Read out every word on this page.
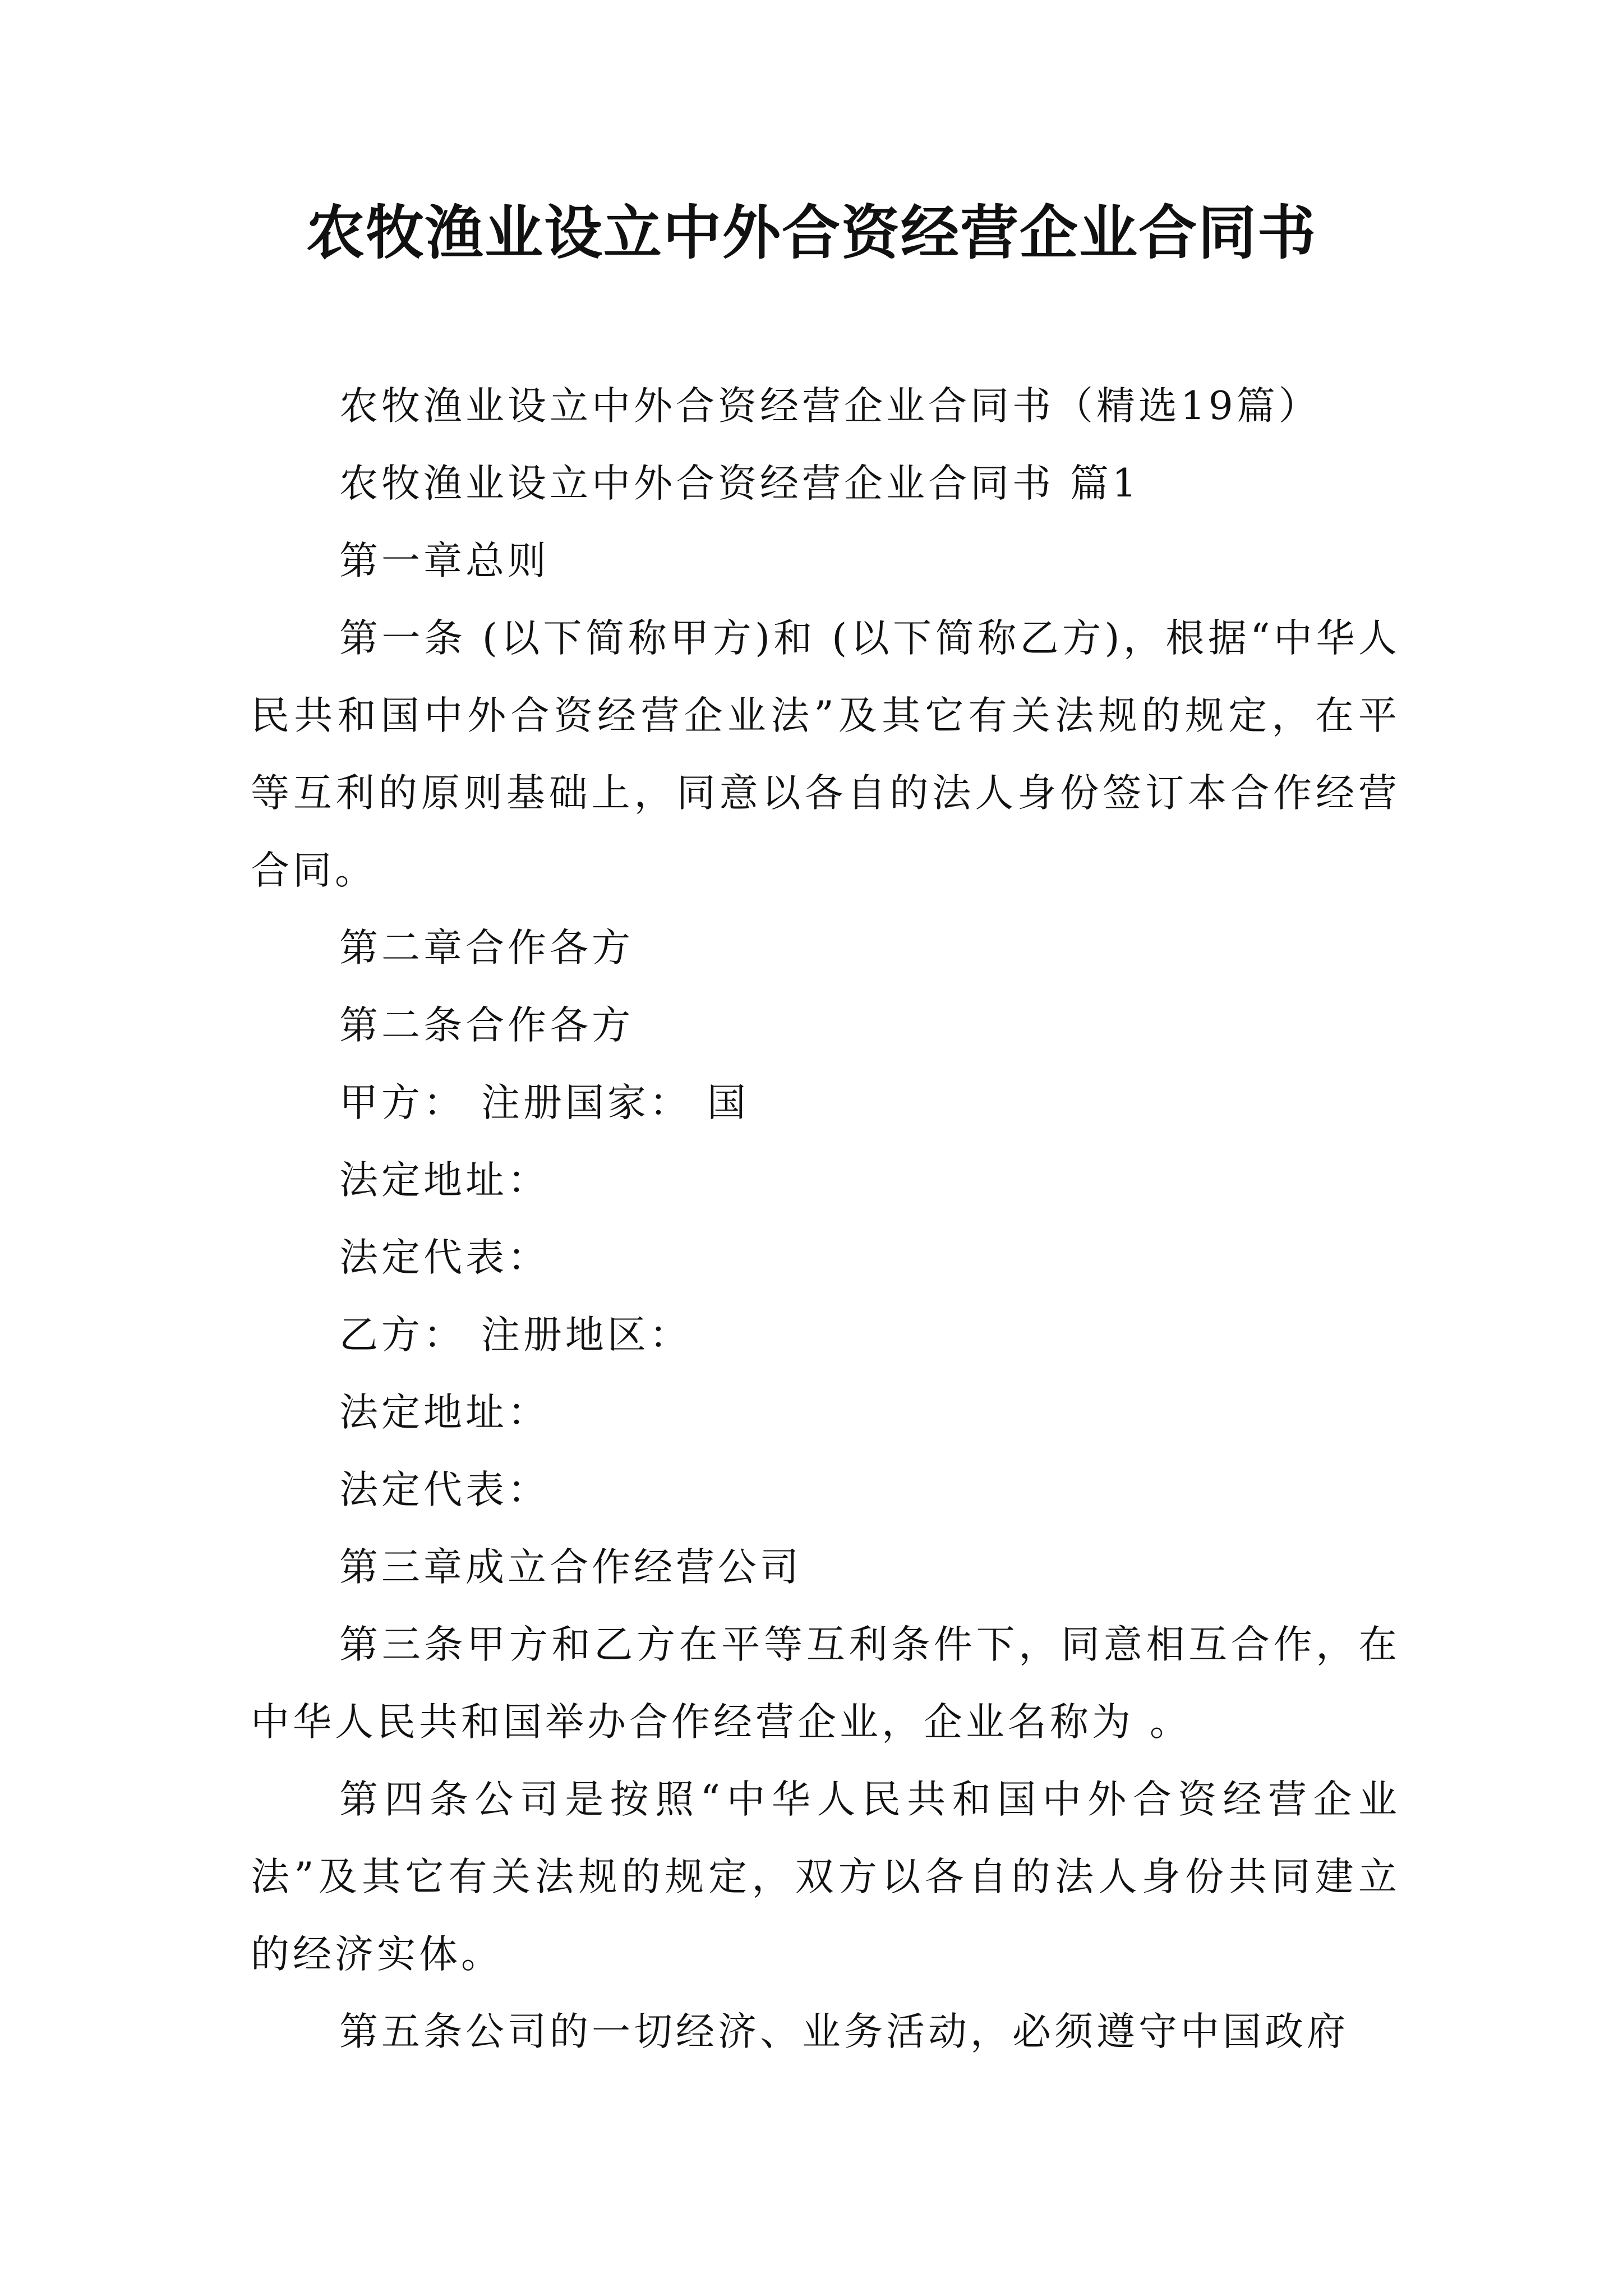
农牧渔业设立中外合资经营企业合同书

农牧渔业设立中外合资经营企业合同书（精选19篇）

农牧渔业设立中外合资经营企业合同书 篇1

第一章总则

第一条 (以下简称甲方)和 (以下简称乙方)，根据“中华人民共和国中外合资经营企业法”及其它有关法规的规定，在平等互利的原则基础上，同意以各自的法人身份签订本合作经营合同。

第二章合作各方

第二条合作各方

甲方： 注册国家： 国

法定地址：

法定代表：

乙方： 注册地区：

法定地址：

法定代表：

第三章成立合作经营公司

第三条甲方和乙方在平等互利条件下，同意相互合作，在中华人民共和国举办合作经营企业，企业名称为 。

第四条公司是按照“中华人民共和国中外合资经营企业法”及其它有关法规的规定，双方以各自的法人身份共同建立的经济实体。

第五条公司的一切经济、业务活动，必须遵守中国政府
